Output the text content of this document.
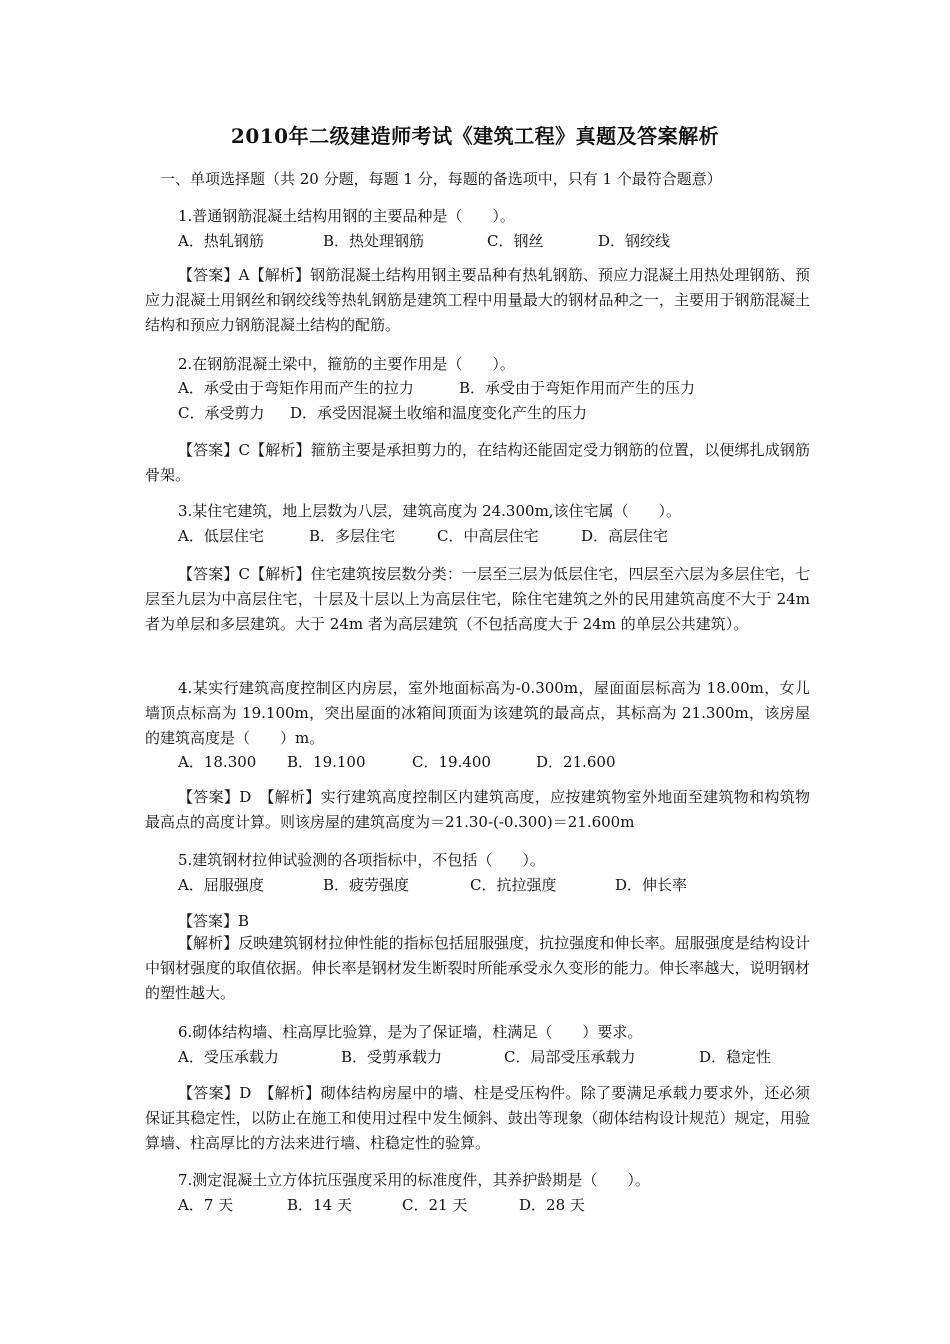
2010年二级建造师考试《建筑工程》真题及答案解析
一、单项选择题（共 20 分题，每题 1 分，每题的备选项中，只有 1 个最符合题意）
1.普通钢筋混凝土结构用钢的主要品种是（　　）。
A．热轧钢筋	B．热处理钢筋	C．钢丝	D．钢绞线
【答案】A【解析】钢筋混凝土结构用钢主要品种有热轧钢筋、预应力混凝土用热处理钢筋、预应力混凝土用钢丝和钢绞线等热轧钢筋是建筑工程中用量最大的钢材品种之一，主要用于钢筋混凝土结构和预应力钢筋混凝土结构的配筋。
2.在钢筋混凝土梁中，箍筋的主要作用是（　　）。
A．承受由于弯矩作用而产生的拉力	B．承受由于弯矩作用而产生的压力
C．承受剪力 D．承受因混凝土收缩和温度变化产生的压力
【答案】C【解析】箍筋主要是承担剪力的，在结构还能固定受力钢筋的位置，以便绑扎成钢筋骨架。
3.某住宅建筑，地上层数为八层，建筑高度为 24.300m,该住宅属（　　）。
A．低层住宅	B．多层住宅	C．中高层住宅	D．高层住宅
【答案】C【解析】住宅建筑按层数分类：一层至三层为低层住宅，四层至六层为多层住宅，七层至九层为中高层住宅，十层及十层以上为高层住宅，除住宅建筑之外的民用建筑高度不大于 24m 者为单层和多层建筑。大于 24m 者为高层建筑（不包括高度大于 24m 的单层公共建筑）。
4.某实行建筑高度控制区内房层，室外地面标高为-0.300m，屋面面层标高为 18.00m，女儿墙顶点标高为 19.100m，突出屋面的冰箱间顶面为该建筑的最高点，其标高为 21.300m，该房屋的建筑高度是（　　）m。
A．18.300 B．19.100	C．19.400	D．21.600
【答案】D　【解析】实行建筑高度控制区内建筑高度，应按建筑物室外地面至建筑物和构筑物最高点的高度计算。则该房屋的建筑高度为＝21.30-(-0.300)＝21.600m
5.建筑钢材拉伸试验测的各项指标中，不包括（　　）。
A．屈服强度	B．疲劳强度	C．抗拉强度	D．伸长率
【答案】B
【解析】反映建筑钢材拉伸性能的指标包括屈服强度，抗拉强度和伸长率。屈服强度是结构设计中钢材强度的取值依据。伸长率是钢材发生断裂时所能承受永久变形的能力。伸长率越大，说明钢材的塑性越大。
6.砌体结构墙、柱高厚比验算，是为了保证墙，柱满足（　　）要求。
A．受压承载力	B．受剪承载力	C．局部受压承载力	D．稳定性
【答案】D　【解析】砌体结构房屋中的墙、柱是受压构件。除了要满足承载力要求外，还必须保证其稳定性，以防止在施工和使用过程中发生倾斜、鼓出等现象（砌体结构设计规范）规定，用验算墙、柱高厚比的方法来进行墙、柱稳定性的验算。
7.测定混凝土立方体抗压强度采用的标准度件，其养护龄期是（　　）。
A．7 天	B．14 天	C．21 天	D．28 天
